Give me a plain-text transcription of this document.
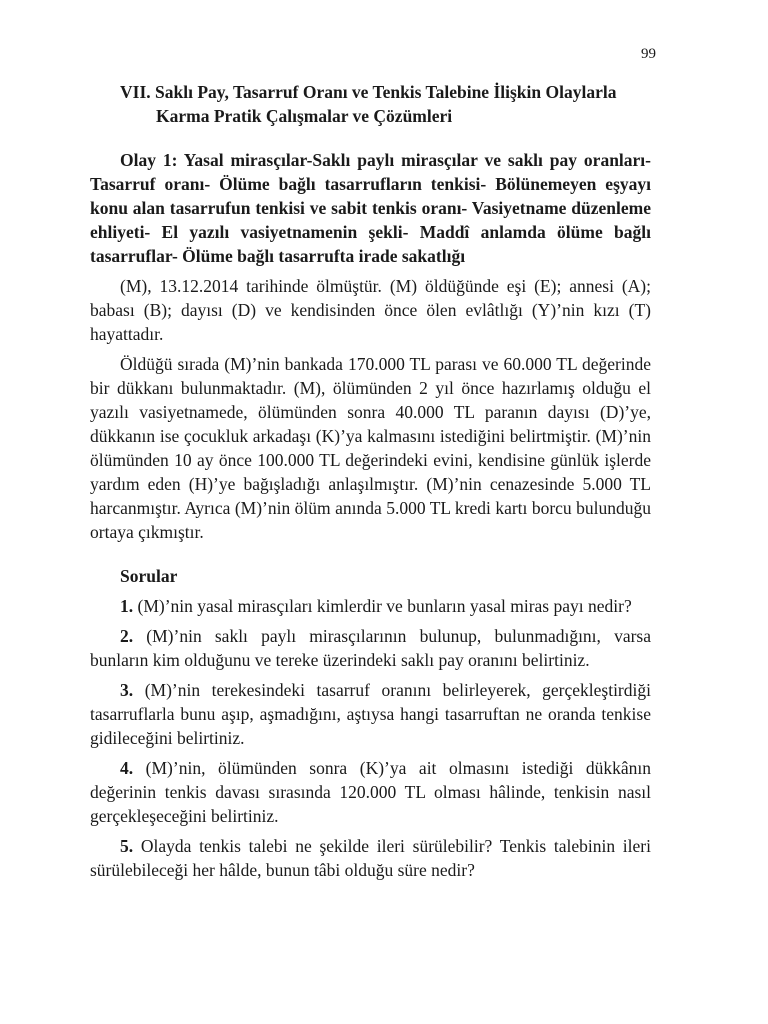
99
VII. Saklı Pay, Tasarruf Oranı ve Tenkis Talebine İlişkin Olaylarla
Karma Pratik Çalışmalar ve Çözümleri

Olay 1: Yasal mirasçılar-Saklı paylı mirasçılar ve saklı pay oranları- Tasarruf oranı- Ölüme bağlı tasarrufların tenkisi- Bölünemeyen eşyayı konu alan tasarrufun tenkisi ve sabit tenkis oranı- Vasiyetname düzenleme ehliyeti- El yazılı vasiyetnamenin şekli- Maddî anlamda ölüme bağlı tasarruflar- Ölüme bağlı tasarrufta irade sakatlığı

(M), 13.12.2014 tarihinde ölmüştür. (M) öldüğünde eşi (E); annesi (A); babası (B); dayısı (D) ve kendisinden önce ölen evlâtlığı (Y)’nin kızı (T) hayattadır.

Öldüğü sırada (M)’nin bankada 170.000 TL parası ve 60.000 TL değerinde bir dükkanı bulunmaktadır. (M), ölümünden 2 yıl önce hazırlamış olduğu el yazılı vasiyetnamede, ölümünden sonra 40.000 TL paranın dayısı (D)’ye, dükkanın ise çocukluk arkadaşı (K)’ya kalmasını istediğini belirtmiştir. (M)’nin ölümünden 10 ay önce 100.000 TL değerindeki evini, kendisine günlük işlerde yardım eden (H)’ye bağışladığı anlaşılmıştır. (M)’nin cenazesinde 5.000 TL harcanmıştır. Ayrıca (M)’nin ölüm anında 5.000 TL kredi kartı borcu bulunduğu ortaya çıkmıştır.

Sorular

1. (M)’nin yasal mirasçıları kimlerdir ve bunların yasal miras payı nedir?

2. (M)’nin saklı paylı mirasçılarının bulunup, bulunmadığını, varsa bunların kim olduğunu ve tereke üzerindeki saklı pay oranını belirtiniz.

3. (M)’nin terekesindeki tasarruf oranını belirleyerek, gerçekleştirdiği tasarruflarla bunu aşıp, aşmadığını, aştıysa hangi tasarruftan ne oranda tenkise gidileceğini belirtiniz.

4. (M)’nin, ölümünden sonra (K)’ya ait olmasını istediği dükkânın değerinin tenkis davası sırasında 120.000 TL olması hâlinde, tenkisin nasıl gerçekleşeceğini belirtiniz.

5. Olayda tenkis talebi ne şekilde ileri sürülebilir? Tenkis talebinin ileri sürülebileceği her hâlde, bunun tâbi olduğu süre nedir?
